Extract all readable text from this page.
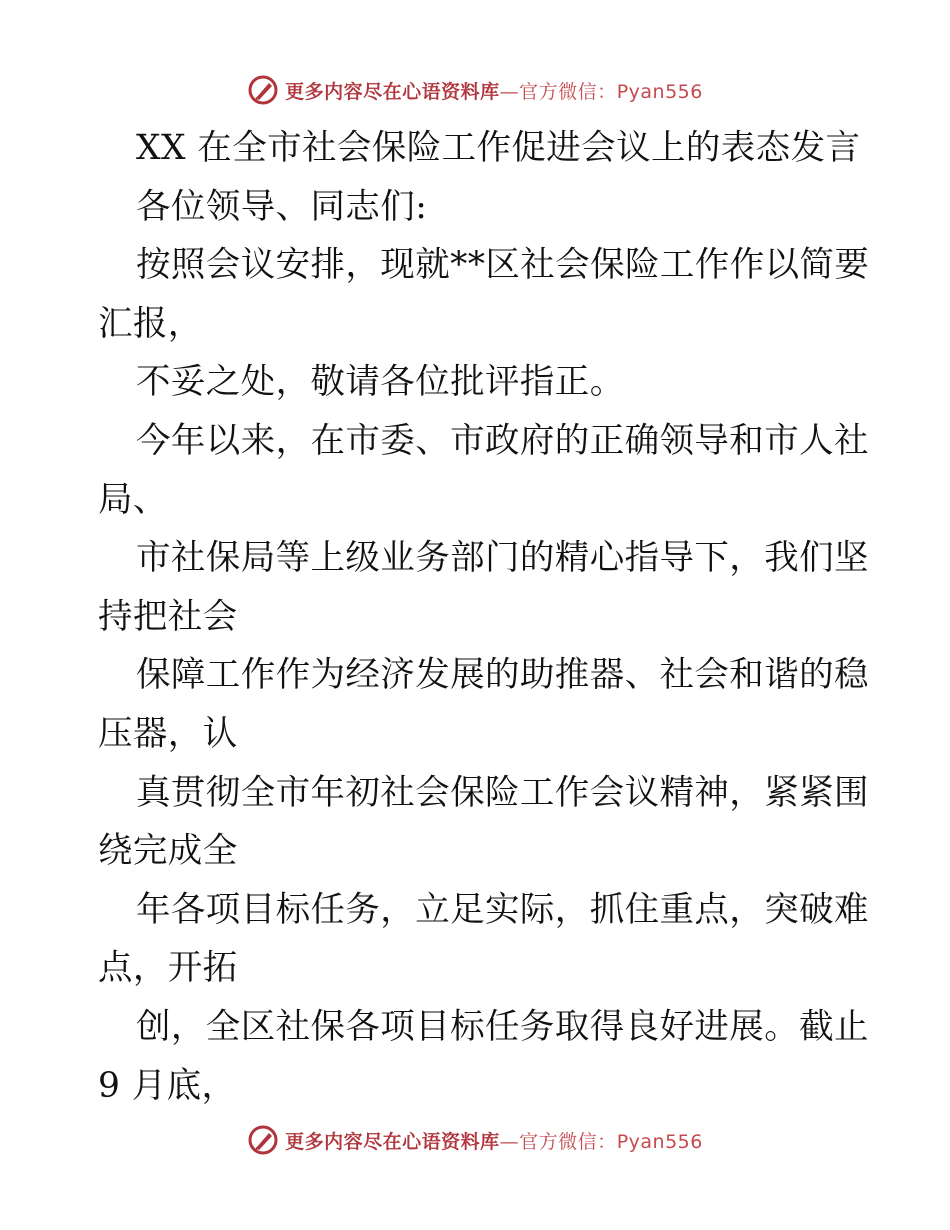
更多内容尽在心语资料库—官方微信：Pyan556
XX 在全市社会保险工作促进会议上的表态发言
各位领导、同志们:
按照会议安排，现就**区社会保险工作作以简要
汇报，
不妥之处，敬请各位批评指正。
今年以来，在市委、市政府的正确领导和市人社
局、
市社保局等上级业务部门的精心指导下，我们坚
持把社会
保障工作作为经济发展的助推器、社会和谐的稳
压器，认
真贯彻全市年初社会保险工作会议精神，紧紧围
绕完成全
年各项目标任务，立足实际，抓住重点，突破难
点，开拓
创，全区社保各项目标任务取得良好进展。截止
9 月底，
更多内容尽在心语资料库—官方微信：Pyan556
